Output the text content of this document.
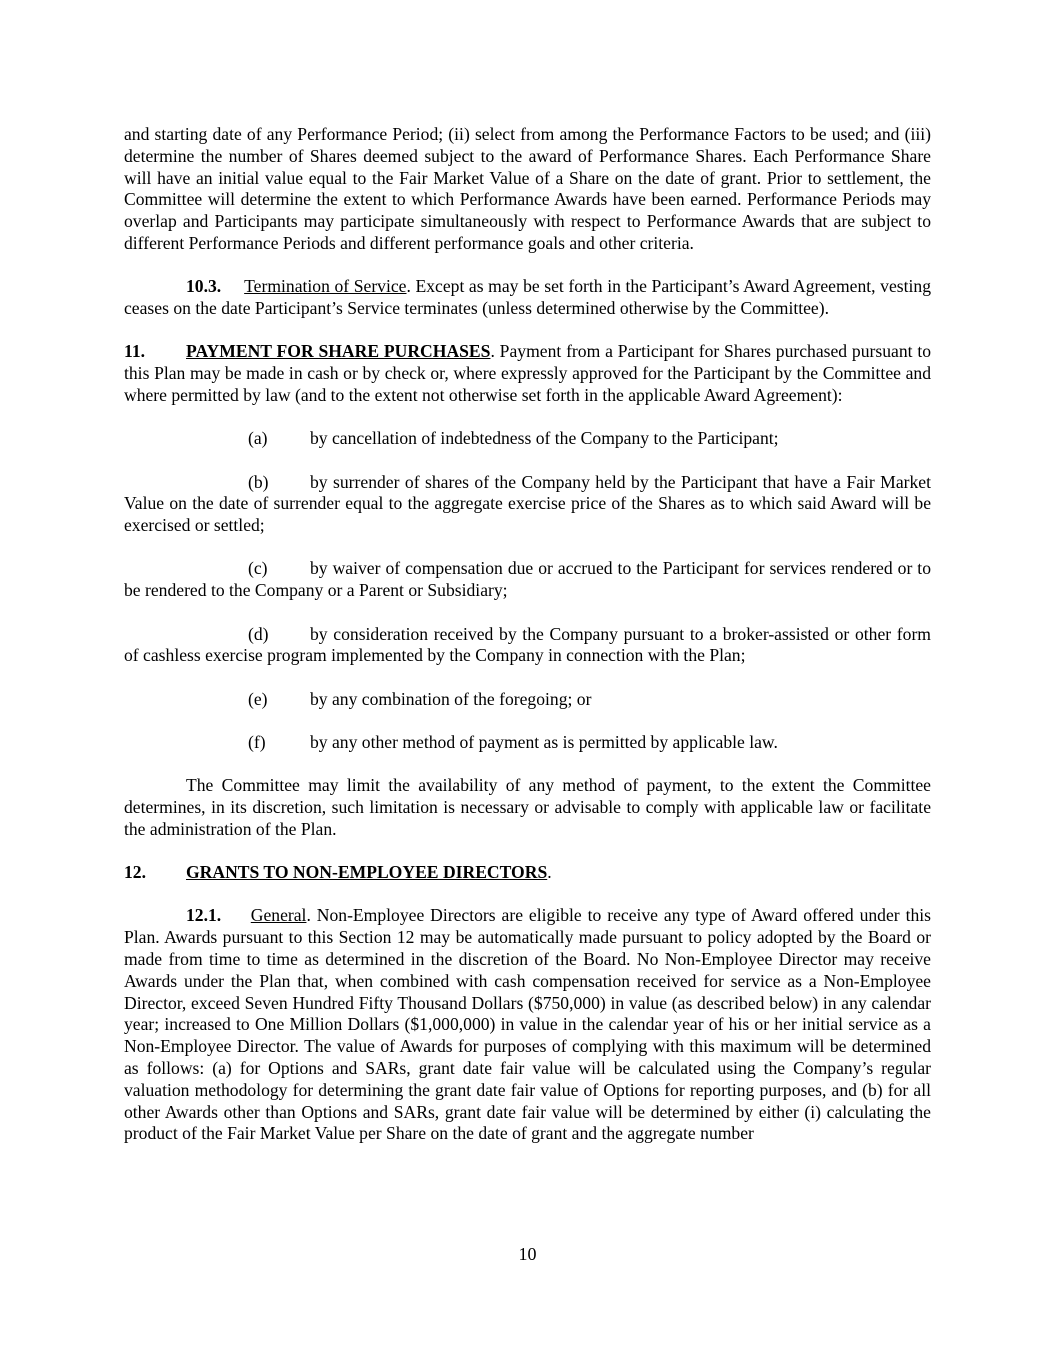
and starting date of any Performance Period; (ii) select from among the Performance Factors to be used; and (iii) determine the number of Shares deemed subject to the award of Performance Shares. Each Performance Share will have an initial value equal to the Fair Market Value of a Share on the date of grant. Prior to settlement, the Committee will determine the extent to which Performance Awards have been earned. Performance Periods may overlap and Participants may participate simultaneously with respect to Performance Awards that are subject to different Performance Periods and different performance goals and other criteria.

10.3. Termination of Service. Except as may be set forth in the Participant’s Award Agreement, vesting ceases on the date Participant’s Service terminates (unless determined otherwise by the Committee).

11. PAYMENT FOR SHARE PURCHASES. Payment from a Participant for Shares purchased pursuant to this Plan may be made in cash or by check or, where expressly approved for the Participant by the Committee and where permitted by law (and to the extent not otherwise set forth in the applicable Award Agreement):

(a) by cancellation of indebtedness of the Company to the Participant;

(b) by surrender of shares of the Company held by the Participant that have a Fair Market Value on the date of surrender equal to the aggregate exercise price of the Shares as to which said Award will be exercised or settled;

(c) by waiver of compensation due or accrued to the Participant for services rendered or to be rendered to the Company or a Parent or Subsidiary;

(d) by consideration received by the Company pursuant to a broker-assisted or other form of cashless exercise program implemented by the Company in connection with the Plan;

(e) by any combination of the foregoing; or

(f)	by any other method of payment as is permitted by applicable law.

The Committee may limit the availability of any method of payment, to the extent the Committee determines, in its discretion, such limitation is necessary or advisable to comply with applicable law or facilitate the administration of the Plan.

12. GRANTS TO NON-EMPLOYEE DIRECTORS.

12.1. General. Non-Employee Directors are eligible to receive any type of Award offered under this Plan. Awards pursuant to this Section 12 may be automatically made pursuant to policy adopted by the Board or made from time to time as determined in the discretion of the Board. No Non-Employee Director may receive Awards under the Plan that, when combined with cash compensation received for service as a Non-Employee Director, exceed Seven Hundred Fifty Thousand Dollars ($750,000) in value (as described below) in any calendar year; increased to One Million Dollars ($1,000,000) in value in the calendar year of his or her initial service as a Non-Employee Director. The value of Awards for purposes of complying with this maximum will be determined as follows: (a) for Options and SARs, grant date fair value will be calculated using the Company’s regular valuation methodology for determining the grant date fair value of Options for reporting purposes, and (b) for all other Awards other than Options and SARs, grant date fair value will be determined by either (i) calculating the product of the Fair Market Value per Share on the date of grant and the aggregate number

10
